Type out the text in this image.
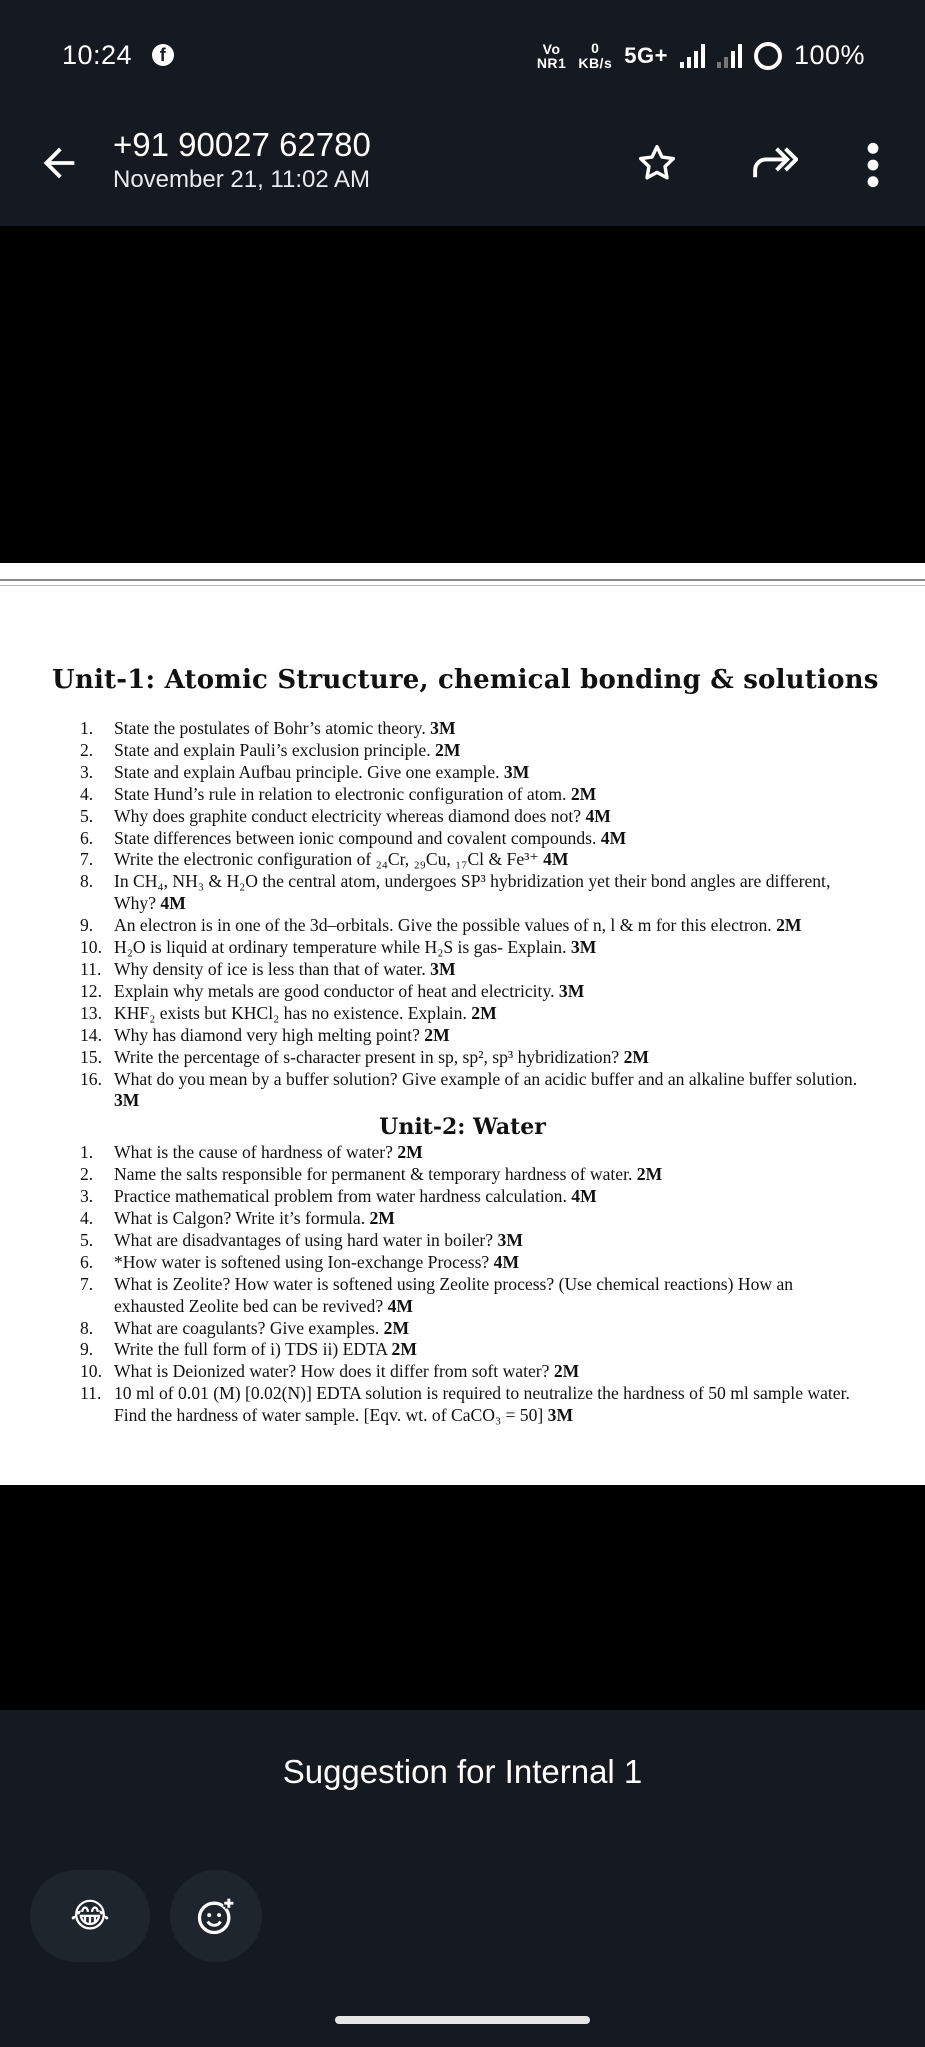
10:24	f	Vo
NR1
0
KB/s 5G+	100%
+91 90027 62780
November 21, 11:02 AM
Unit-1: Atomic Structure, chemical bonding & solutions
1.	State the postulates of Bohr’s atomic theory. 3M
2.	State and explain Pauli’s exclusion principle. 2M
3.	State and explain Aufbau principle. Give one example. 3M
4.	State Hund’s rule in relation to electronic configuration of atom. 2M
5.	Why does graphite conduct electricity whereas diamond does not? 4M
6.	State differences between ionic compound and covalent compounds. 4M
7.	Write the electronic configuration of ₂₄Cr, ₂₉Cu, ₁₇Cl & Fe³⁺ 4M
8.	In CH₄, NH₃ & H₂O the central atom, undergoes SP³ hybridization yet their bond angles are different, Why? 4M
9.	An electron is in one of the 3d–orbitals. Give the possible values of n, l & m for this electron. 2M
10. H₂O is liquid at ordinary temperature while H₂S is gas- Explain. 3M
11. Why density of ice is less than that of water. 3M
12. Explain why metals are good conductor of heat and electricity. 3M
13. KHF₂ exists but KHCl₂ has no existence. Explain. 2M
14. Why has diamond very high melting point? 2M
15. Write the percentage of s-character present in sp, sp², sp³ hybridization? 2M
16. What do you mean by a buffer solution? Give example of an acidic buffer and an alkaline buffer solution. 3M
Unit-2: Water
1.	What is the cause of hardness of water? 2M
2.	Name the salts responsible for permanent & temporary hardness of water. 2M
3.	Practice mathematical problem from water hardness calculation. 4M
4.	What is Calgon? Write it’s formula. 2M
5.	What are disadvantages of using hard water in boiler? 3M
6.	*How water is softened using Ion-exchange Process? 4M
7.	What is Zeolite? How water is softened using Zeolite process? (Use chemical reactions) How an exhausted Zeolite bed can be revived? 4M
8.	What are coagulants? Give examples. 2M
9.	Write the full form of i) TDS ii) EDTA 2M
10. What is Deionized water? How does it differ from soft water? 2M
11. 10 ml of 0.01 (M) [0.02(N)] EDTA solution is required to neutralize the hardness of 50 ml sample water. Find the hardness of water sample. [Eqv. wt. of CaCO₃ = 50] 3M
Suggestion for Internal 1
😂
